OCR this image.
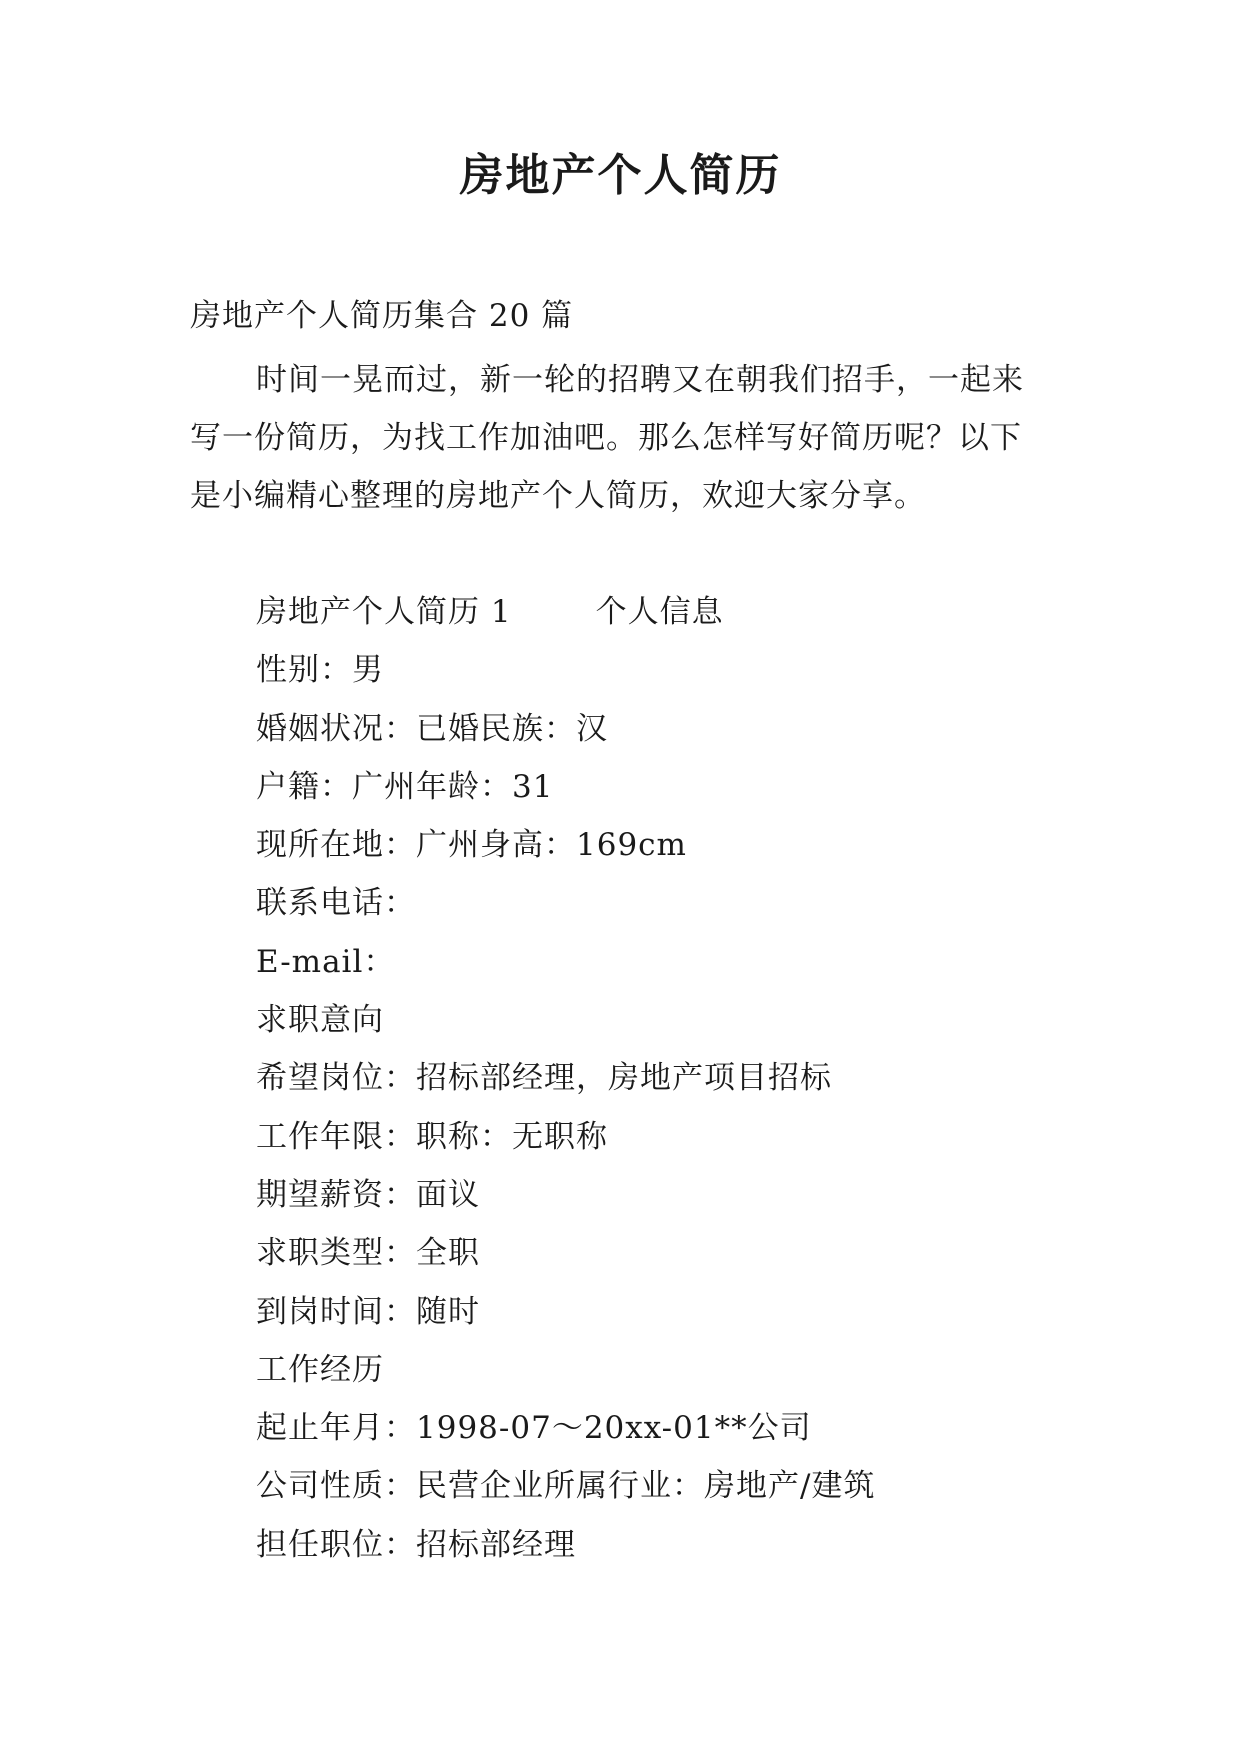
房地产个人简历
房地产个人简历集合 20 篇
时间一晃而过，新一轮的招聘又在朝我们招手，一起来
写一份简历，为找工作加油吧。那么怎样写好简历呢？以下
是小编精心整理的房地产个人简历，欢迎大家分享。
房地产个人简历 1	个人信息
性别：男
婚姻状况：已婚民族：汉
户籍：广州年龄：31
现所在地：广州身高：169cm
联系电话：
E-mail：
求职意向
希望岗位：招标部经理，房地产项目招标
工作年限：职称：无职称
期望薪资：面议
求职类型：全职
到岗时间：随时
工作经历
起止年月：1998-07～20xx-01**公司
公司性质：民营企业所属行业：房地产/建筑
担任职位：招标部经理
